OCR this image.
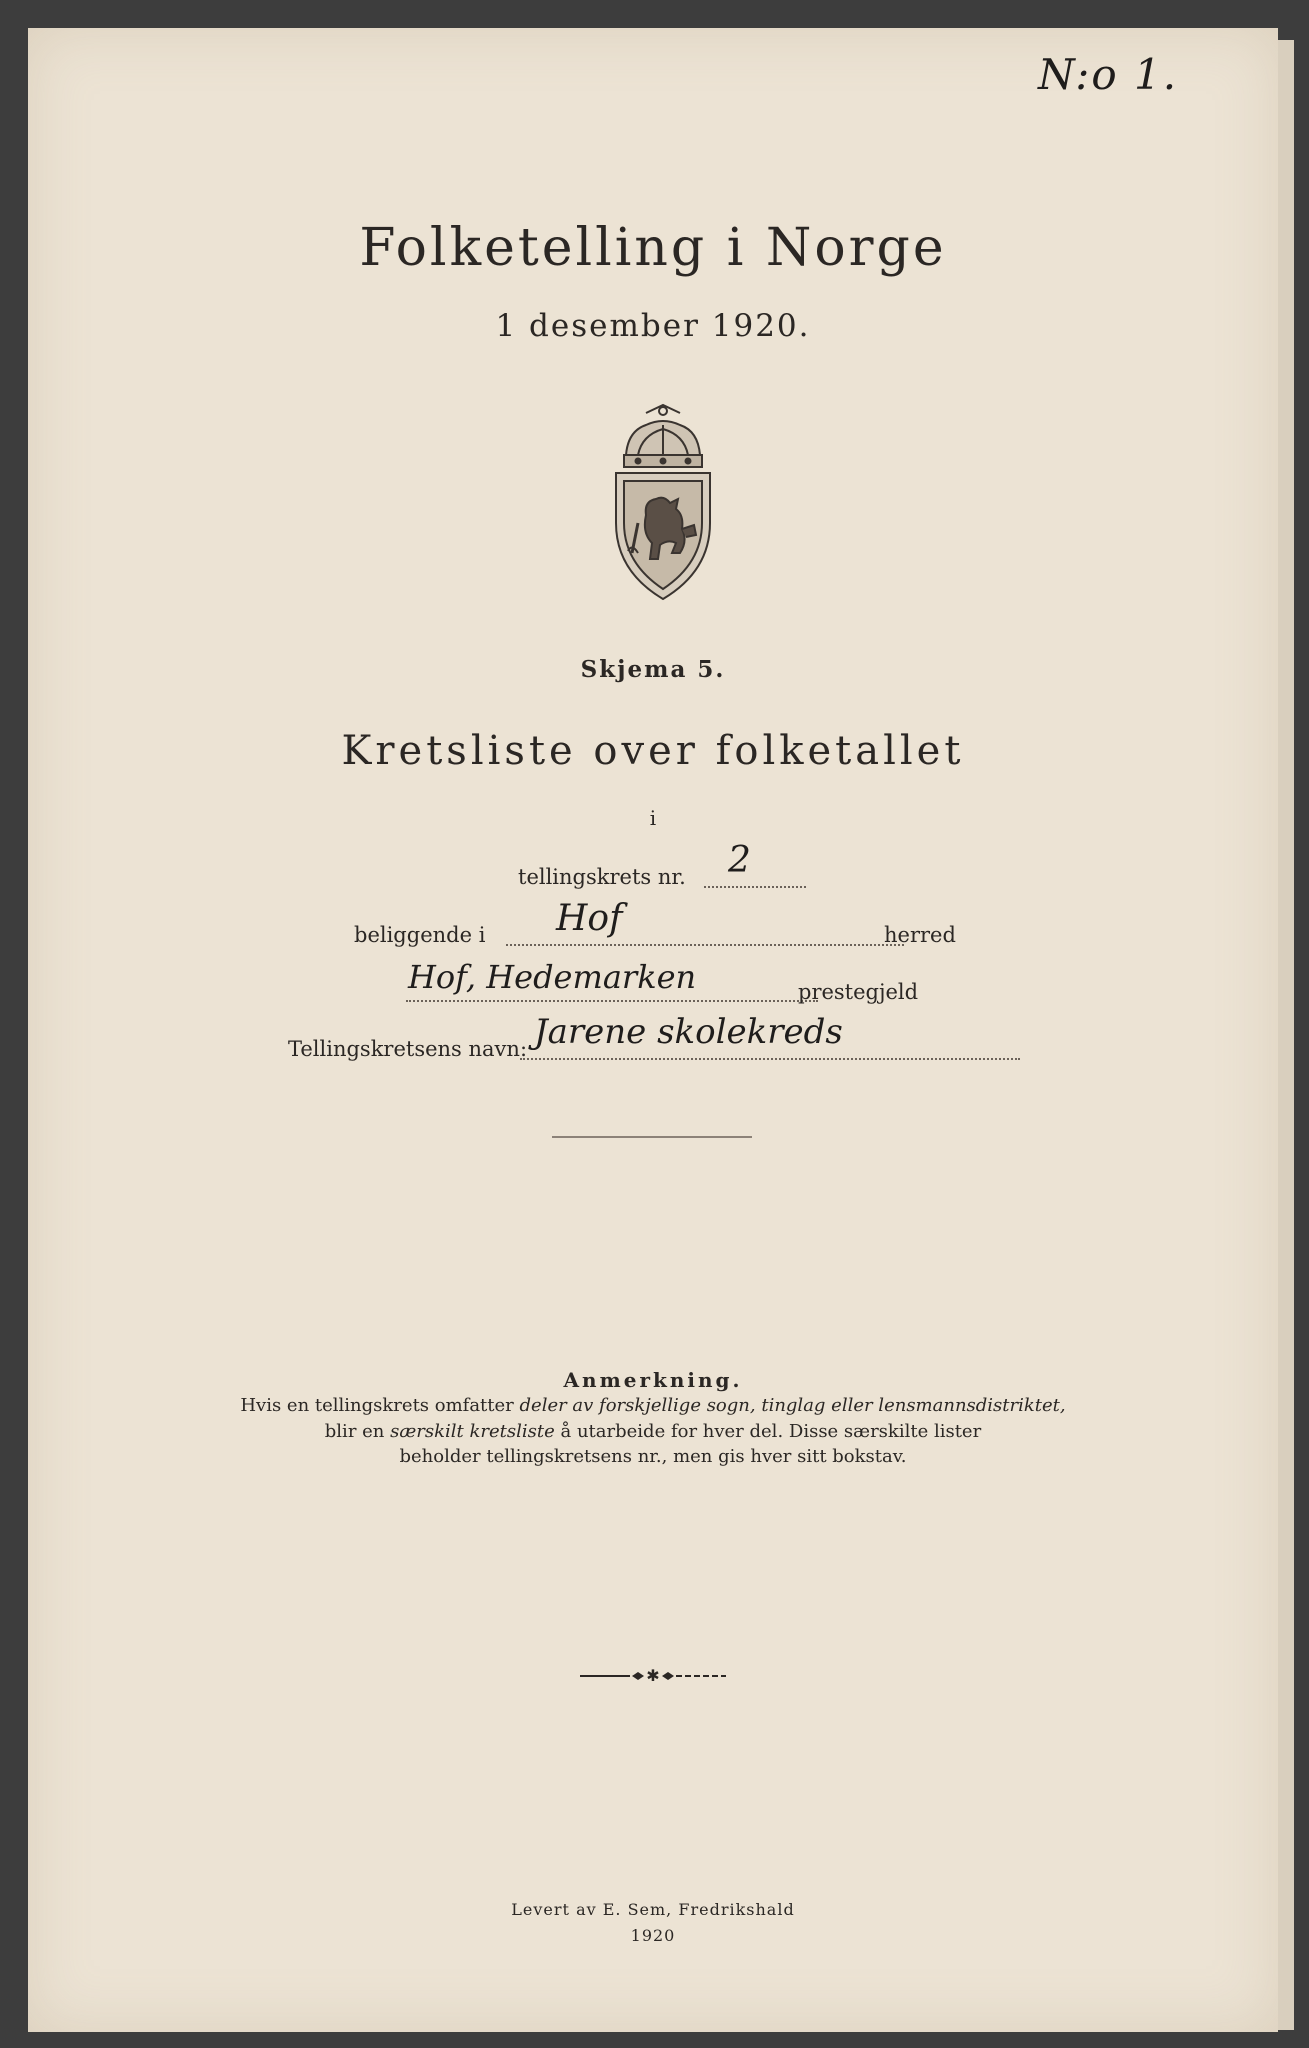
N:o 1.
Folketelling i Norge
1 desember 1920.
Skjema 5.
Kretsliste over folketallet
i
tellingskrets nr. 2
beliggende i Hof	herred
Hof, Hedemarken	prestegjeld
Tellingskretsens navn: Jarene skolekreds
Anmerkning.
Hvis en tellingskrets omfatter deler av forskjellige sogn, tinglag eller lensmannsdistriktet,
blir en særskilt kretsliste å utarbeide for hver del. Disse særskilte lister
beholder tellingskretsens nr., men gis hver sitt bokstav.
✱
Levert av E. Sem, Fredrikshald
1920
